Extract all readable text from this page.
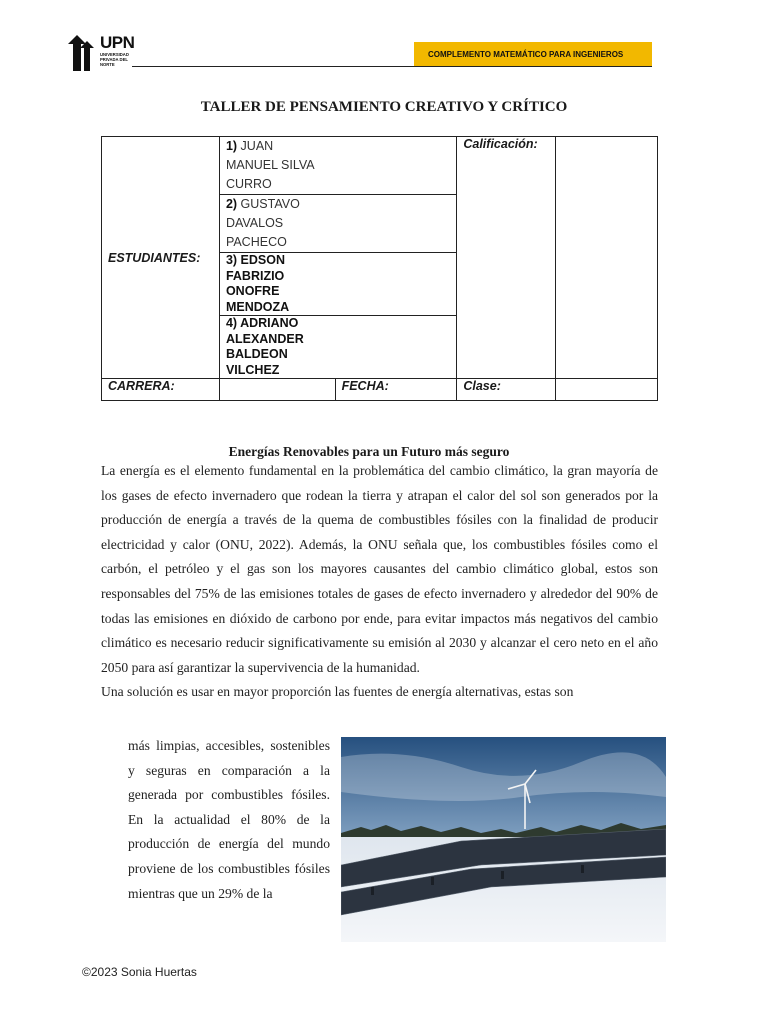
UPN
UNIVERSIDAD PRIVADA DEL NORTE
COMPLEMENTO MATEMÁTICO PARA INGENIEROS
TALLER DE PENSAMIENTO CREATIVO Y CRÍTICO
ESTUDIANTES:	1) JUAN
MANUEL SILVA
CURRO		Calificación:	
	2) GUSTAVO
DAVALOS
PACHECO			
	3) EDSON
FABRIZIO
ONOFRE
MENDOZA			
	4) ADRIANO
ALEXANDER
BALDEON
VILCHEZ			
CARRERA:		FECHA:	Clase:	
Energías Renovables para un Futuro más seguro

La energía es el elemento fundamental en la problemática del cambio climático, la gran mayoría de los gases de efecto invernadero que rodean la tierra y atrapan el calor del sol son generados por la producción de energía a través de la quema de combustibles fósiles con la finalidad de producir electricidad y calor (ONU, 2022). Además, la ONU señala que, los combustibles fósiles como el carbón, el petróleo y el gas son los mayores causantes del cambio climático global, estos son responsables del 75% de las emisiones totales de gases de efecto invernadero y alrededor del 90% de todas las emisiones en dióxido de carbono por ende, para evitar impactos más negativos del cambio climático es necesario reducir significativamente su emisión al 2030 y alcanzar el cero neto en el año 2050 para así garantizar la supervivencia de la humanidad.

Una solución es usar en mayor proporción las fuentes de energía alternativas, estas son

más limpias, accesibles, sostenibles y seguras en comparación a la generada por combustibles fósiles. En la actualidad el 80% de la producción de energía del mundo proviene de los combustibles fósiles mientras que un 29% de la
©2023 Sonia Huertas
